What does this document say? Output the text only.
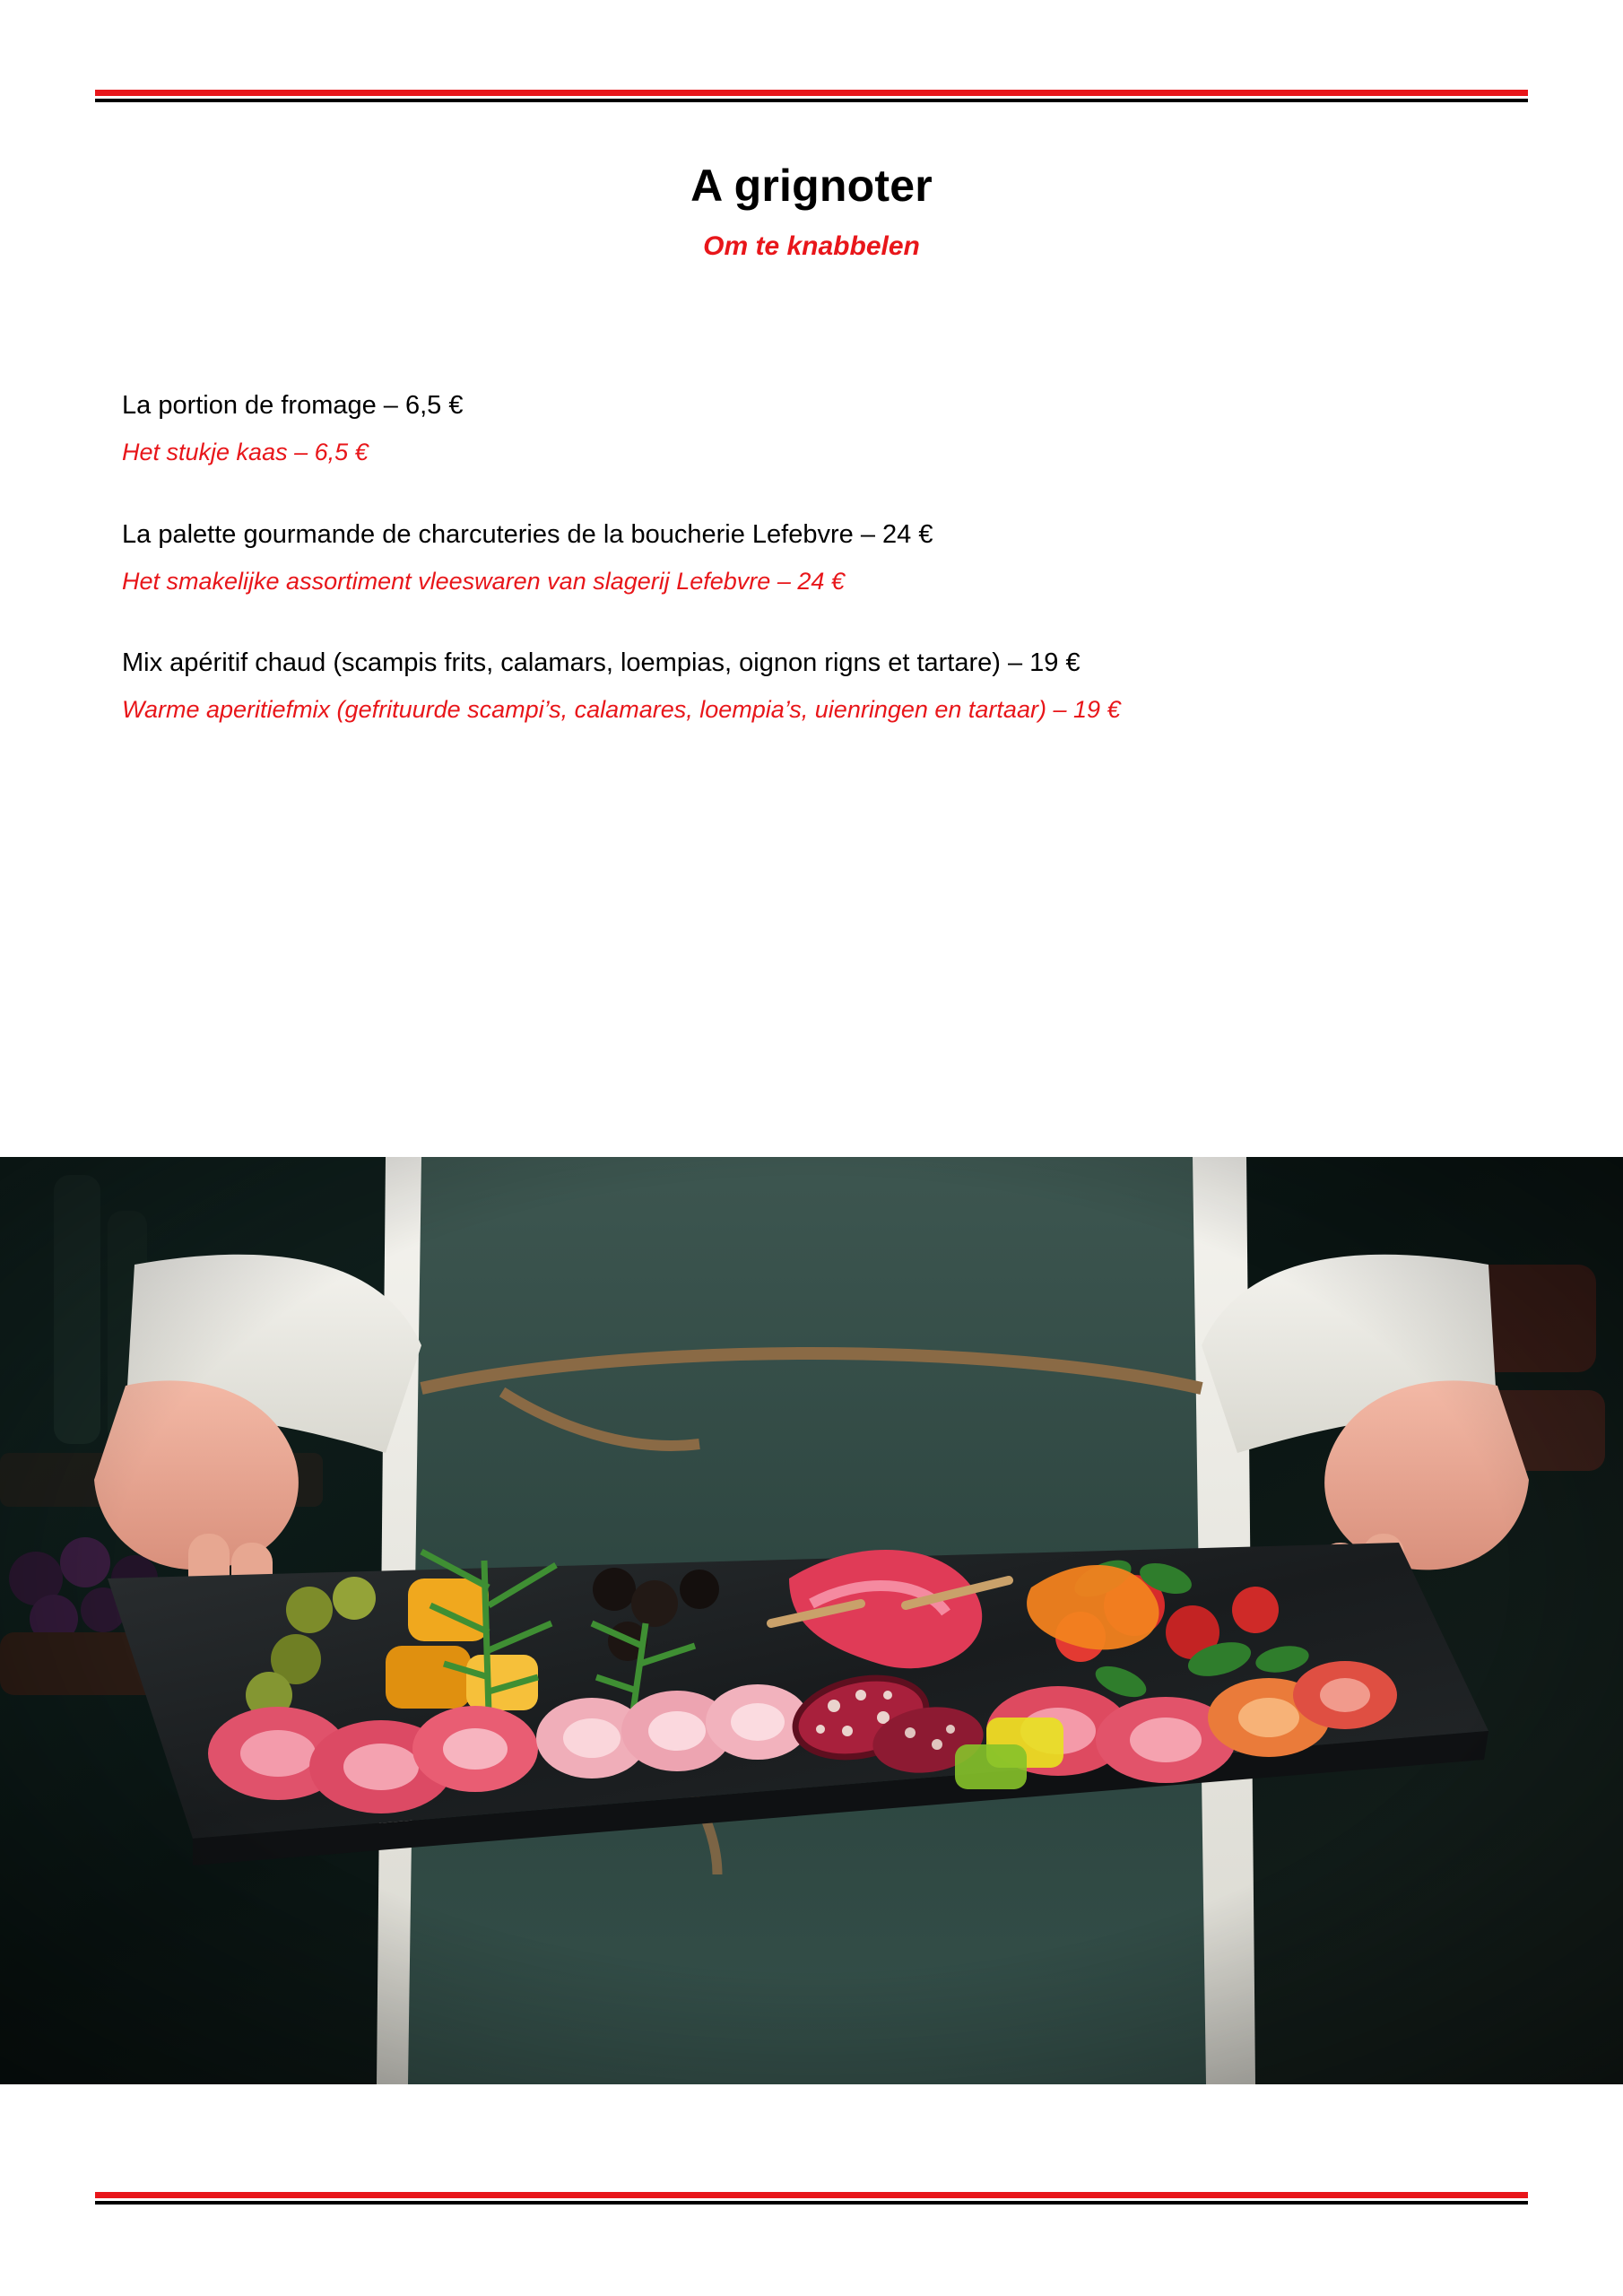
A grignoter
Om te knabbelen
La portion de fromage – 6,5 €
Het stukje kaas – 6,5 €
La palette gourmande de charcuteries de la boucherie Lefebvre – 24 €
Het smakelijke assortiment vleeswaren van slagerij Lefebvre – 24 €
Mix apéritif chaud (scampis frits, calamars, loempias, oignon rigns et tartare) – 19 €
Warme aperitiefmix (gefrituurde scampi’s, calamares, loempia’s, uienringen en tartaar) – 19 €
